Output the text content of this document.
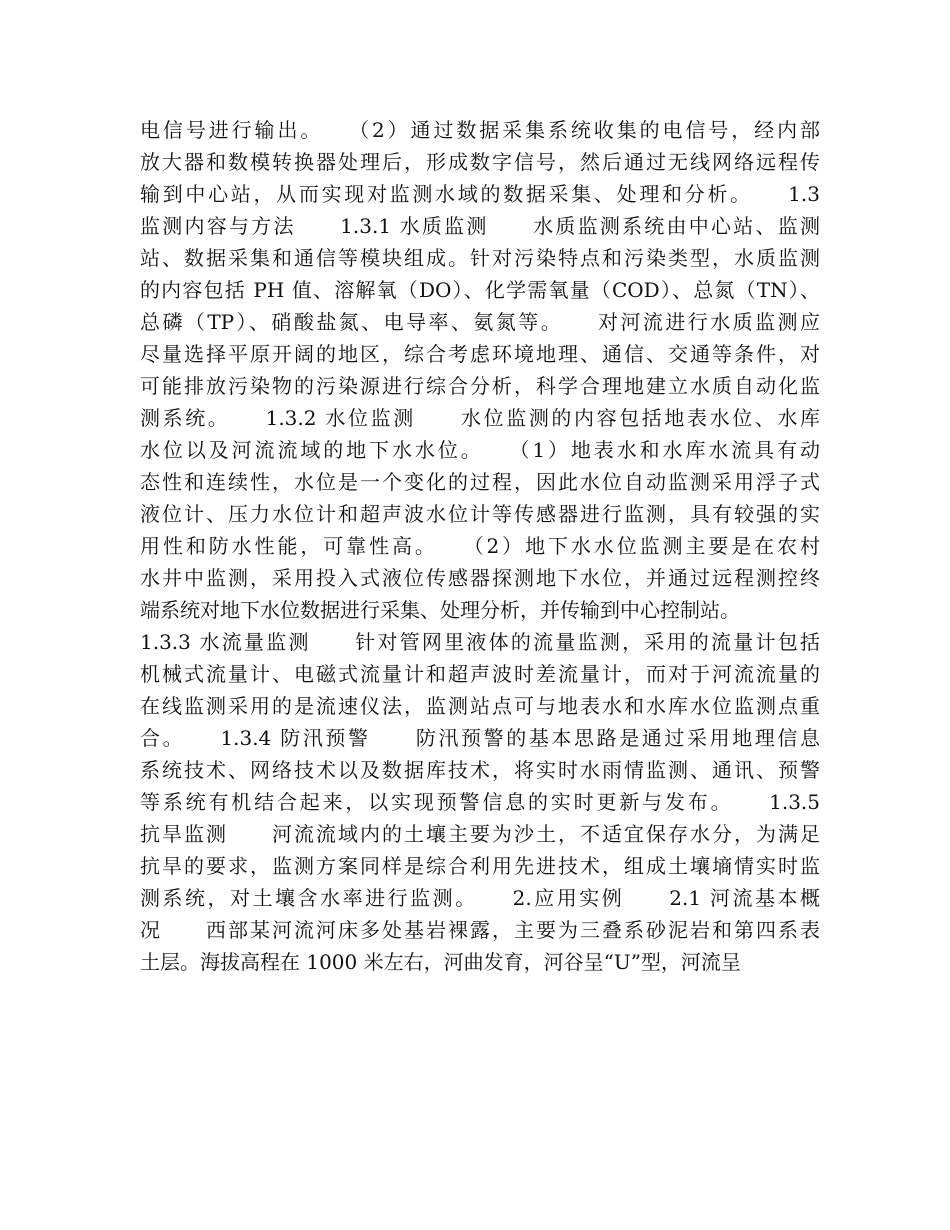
电信号进行输出。　　（2）通过数据采集系统收集的电信号，经内部
放大器和数模转换器处理后，形成数字信号，然后通过无线网络远程传
输到中心站，从而实现对监测水域的数据采集、处理和分析。　　1.3
监测内容与方法　　1.3.1 水质监测　　水质监测系统由中心站、监测
站、数据采集和通信等模块组成。针对污染特点和污染类型，水质监测
的内容包括 PH 值、溶解氧（DO）、化学需氧量（COD）、总氮（TN）、
总磷（TP）、硝酸盐氮、电导率、氨氮等。　　对河流进行水质监测应
尽量选择平原开阔的地区，综合考虑环境地理、通信、交通等条件，对
可能排放污染物的污染源进行综合分析，科学合理地建立水质自动化监
测系统。　　1.3.2 水位监测　　水位监测的内容包括地表水位、水库
水位以及河流流域的地下水水位。　　（1）地表水和水库水流具有动
态性和连续性，水位是一个变化的过程，因此水位自动监测采用浮子式
液位计、压力水位计和超声波水位计等传感器进行监测，具有较强的实
用性和防水性能，可靠性高。　　（2）地下水水位监测主要是在农村
水井中监测，采用投入式液位传感器探测地下水位，并通过远程测控终
端系统对地下水位数据进行采集、处理分析，并传输到中心控制站。
1.3.3 水流量监测　　针对管网里液体的流量监测，采用的流量计包括
机械式流量计、电磁式流量计和超声波时差流量计，而对于河流流量的
在线监测采用的是流速仪法，监测站点可与地表水和水库水位监测点重
合。　　1.3.4 防汛预警　　防汛预警的基本思路是通过采用地理信息
系统技术、网络技术以及数据库技术，将实时水雨情监测、通讯、预警
等系统有机结合起来，以实现预警信息的实时更新与发布。　　1.3.5
抗旱监测　　河流流域内的土壤主要为沙土，不适宜保存水分，为满足
抗旱的要求，监测方案同样是综合利用先进技术，组成土壤墒情实时监
测系统，对土壤含水率进行监测。　　2.应用实例　　2.1 河流基本概
况　　西部某河流河床多处基岩裸露，主要为三叠系砂泥岩和第四系表
土层。海拔高程在 1000 米左右，河曲发育，河谷呈“U”型，河流呈
